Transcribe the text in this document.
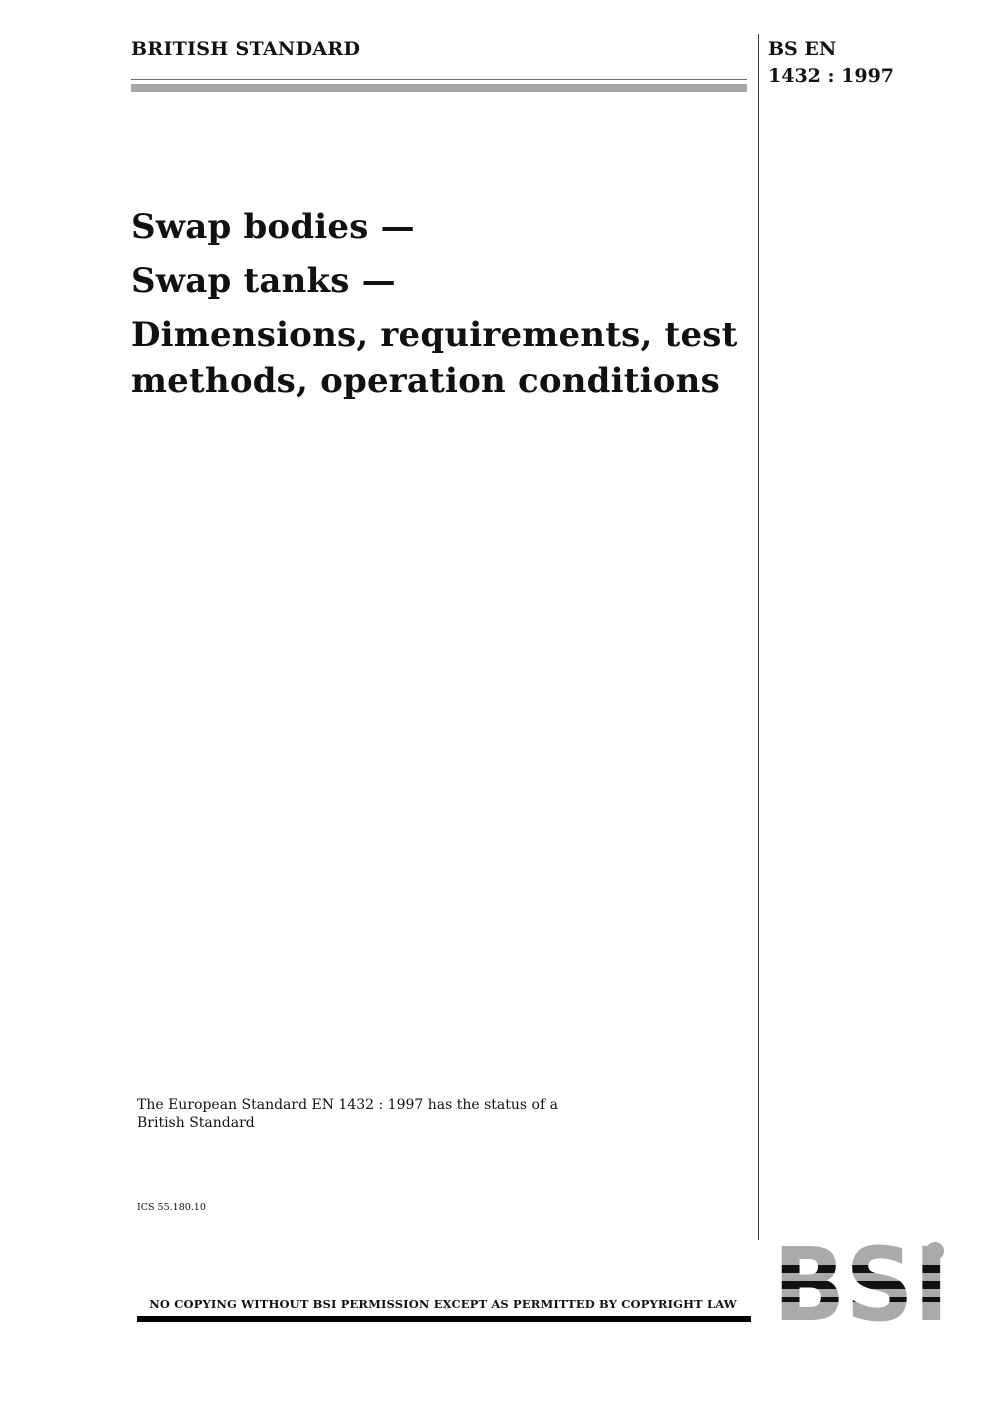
BRITISH STANDARD	BS EN
1432 : 1997
Swap bodies —
Swap tanks —
Dimensions, requirements, test
methods, operation conditions
The European Standard EN 1432 : 1997 has the status of a
British Standard
ICS 55.180.10
NO COPYING WITHOUT BSI PERMISSION EXCEPT AS PERMITTED BY COPYRIGHT LAW
